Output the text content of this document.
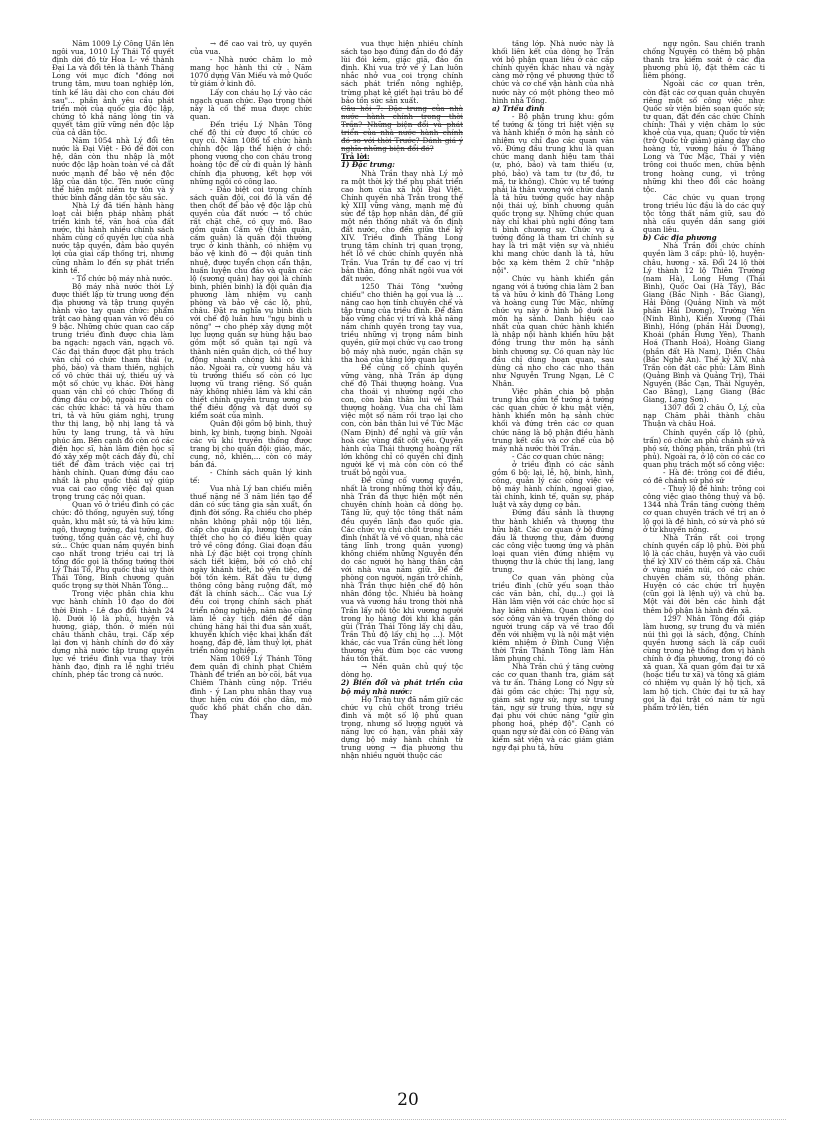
Năm 1009 Lý Công Uẩn lên ngôi vua, 1010 Lý Thái Tổ quyết định dời đô từ Hoa L- về thành Đại La và đổi tên là thành Thăng Long với mục đích "đóng nơi trung tâm, mưu toan nghiệp lớn, tính kế lâu dài cho con cháu đời sau"... phần ảnh yêu cầu phát triển mới của quốc gia độc lập, chứng tỏ khả năng lòng tin và quyết tâm giữ vững nền độc lập của cả dân tộc.

Năm 1054 nhà Lý đổi tên nước là Đại Việt - Đó đề đời con hệ, dân còn thu nhập là một nước độc lập hoàn toàn về cả đất nước mạnh để bảo vệ nền độc lập của dân tộc. Tên nước cũng thể hiện một niềm tự tôn và ý thức bình đẳng dân tộc sâu sắc.

Nhà Lý đã tiến hành hàng loạt cải biện pháp nhằm phát triển kinh tế, văn hoá của đất nước, thi hành nhiều chính sách nhằm củng cố quyền lực của nhà nước tập quyền, đảm bảo quyền lợi của giai cấp thống trị, nhưng cũng nhằm lo đến sự phát triển kinh tế.

- Tổ chức bộ máy nhà nước.

Bộ máy nhà nước thời Lý được thiết lập từ trung ương đến địa phương và tập trung quyền hành vào tay quan chức: phẩm trật cao hàng quan văn võ đều có 9 bậc. Những chức quan cao cấp trung triều đình được chia làm ba ngạch: ngạch văn, ngạch võ. Các đại thần được đặt phụ trách văn chỉ có chức tham thái (ư, phó, bảo) và tham thiền, nghịch cố vô chức thái uý, thiếu uý và một số chức vụ khác. Đời hàng quan văn chỉ có chức Thống đi đứng đầu cơ bộ, ngoài ra còn có các chức khác: tả và hữu tham tri, tả và hữu giám nghị, trung thư thị lang, bộ nhị lang tả và hữu ty lang trung, tả và hữu phúc âm. Bên cạnh đó còn có các điện học sĩ, hàn lâm điện học sĩ đó xây xếp một cách đầy đủ, chỉ tiết để đảm trách việc cai trị hành chính. Quan đứng đầu cao nhất là phụ quốc thái uý giúp vua cai cao cống việc đại quan trọng trung các nội quan.

Quan võ ở triều đình có các chức: đô thống, nguyên suý, tổng quản, khu mật sứ, tả và hữu kim: ngô, thượng tướng, đại tướng, đô tướng, tổng quản các vệ, chỉ huy sứ... Chức quan nắm quyền binh cao nhất trong triều cai trị là tổng đốc gọi là thống tướng thời Lý Thái Tổ, Phụ quốc thái uý thời Thái Tông, Bình chương quân quốc trọng sự thời Nhân Tông...

Trong việc phân chia khu vực hành chính 10 đạo do đời thời Đinh - Lê đạo đổi thành 24 lộ. Dưới lộ là phủ, huyện và hương, giáp, thôn. ở miền núi châu thành châu, trại. Cấp xếp lại đơn vị hành chính dơ đó xây dựng nhà nước tập trung quyền lực về triều đình vua thay trời hành đạo, định ra lễ nghi triều chính, phép tắc trong cả nước.

→ để cao vai trò, uy quyền của vua.

- Nhà nước chăm lo mở mang học hành thi cử . Năm 1070 dựng Văn Miếu và mở Quốc tử giám ở kinh đô.

Lấy con cháu họ Lý vào các ngạch quan chức. Đạo trọng thời này là cố thể mua được chức quan.

Đến triều Lý Nhân Tông chế độ thi cử được tổ chức có quy củ. Năm 1086 tổ chức hành chính độc lập thể hiện ở chỗ: phong vương cho con cháu trong hoàng tộc để cử đi quản lý hành chính địa phương, kết hợp với những ngôi có công lao.

- Đảo biệt coi trọng chính sách quân đội, coi đó là vấn đề then chốt để bảo vệ độc lập chủ quyền của đất nước → tổ chức rất chặt chẽ, có quy mô. Bao gồm quân Cấm vệ (thân quân, cấm quân) là quân đội thường trực ở kinh thành, có nhiệm vụ bảo vệ kinh đô → đội quân tinh nhuệ, được tuyển chọn cẩn thận, huấn luyện chu đáo và quân các lộ (sương quân) hay gọi là chính binh, phiên binh) là đội quân địa phương làm nhiệm vụ canh phòng và bảo vệ các lộ, phủ, châu. Đặt ra nghĩa vụ binh dịch với chế độ luân hưu "ngụ binh ư nông" → cho phép xây dựng một lực lượng quân sự hùng hậu bao gồm một số quân tại ngũ và thành niên quân dịch, có thể huy động nhanh chóng khi có khi nào. Ngoài ra, cử vương hầu và tù trưởng thiểu số còn có lực lượng vũ trang riêng. Số quân này không nhiều lắm và khi cần thiết chính quyền trung ương có thể điều động và đặt dưới sự kiểm soát của mình.

Quân đội gồm bộ binh, thuỷ binh, kỵ binh, tượng binh. Ngoài các vũ khí truyền thống được trang bị cho quân đội: giáo, mác, cung, nỏ, khiên,... còn có máy bắn đá.

- Chính sách quân lý kinh tế:

Vua nhà Lý ban chiếu miễn thuế nặng nề 3 năm liền tạo để dân có sức tăng gia sản xuất, ổn định đời sống. Ra chiếu cho phép nhân không phải nộp tội liên, cấp cho quân ấp, lương thực cần thiết cho họ có điều kiện quay trở về công đồng. Giai đoạn đầu nhà Lý đặc biệt coi trọng chính sách tiết kiệm, bởi có chỗ chí ngày khánh tiết, bỏ yến tiệc, để bởi tốn kém. Rất đầu tư dựng thông công bằng ruộng đất, mở đất là chính sách... Các vua Lý đều coi trọng chính sách phát triển nông nghiệp, năm nào cũng làm lễ cày tịch điền để dân chúng hăng hái thi đua sản xuất, khuyến khích việc khai khẩn đất hoang, đắp đê, làm thuỷ lợi, phát triển nông nghiệp.

Năm 1069 Lý Thánh Tông đem quân đi chinh phạt Chiêm Thành để triển an bờ cõi, bắt vua Chiêm Thành cũng nộp. Triều đình - ý Lan phu nhân thay vua thực hiện cứu đói cho dân, mở quốc khố phát chẩn cho dân. Thay

vua thực hiện nhiều chính sách tạo bạo đúng đắn do đó đầy lùi đói kém, giặc giã, đảo ổn định. Khi vua trở về ý Lan luôn nhắc nhở vua coi trọng chính sách phát triển nông nghiệp, trừng phạt kẻ giết hại trâu bò để bảo tồn sức sản xuất.

Câu hỏi 7: Đặc trưng của nhà nước hành chính trong thời Trần? Những biện đổi và phát triển của nhà nước hành chính đó so với thời Trước? Đánh giá ý nghĩa những biện đổi đó?

Trả lời:

1) Đặc trưng:

Nhà Trần thay nhà Lý mở ra một thời kỳ thế phụ phát triển cao hơn của xã hội Đại Việt. Chính quyền nhà Trần trong thế kỷ XIII vững vàng, mạnh mẽ đủ sức để tập hợp nhân dân, để giữ một nền thống nhất và ổn định đất nước, cho đến giữa thế kỷ XIV. Triều đình Thăng Long trung tâm chính trị quan trọng, hết lỗ về chức chính quyền nhà Trần. Vua Trần tự để cao vị trí bản thân, đồng nhất ngôi vua với đất nước.

1250 Thái Tông "xưởng chiếu" cho thiên hạ gọi vua là ... năng cao hơn tính chuyên chế và tập trung của triều đình. Để đảm bảo vững chắc vị trí và khả năng nắm chính quyền trong tay vua, triều những vị trọng nắm binh quyền, giữ mọi chức vụ cao trong bộ máy nhà nước, ngăn chặn sự tha hoá của tầng lớp quan lại.

Để củng cố chính quyền vững vàng, nhà Trần áp dụng chế độ Thái thượng hoàng. Vua cha thoái vị nhường ngôi cho con, còn bản thân lui về Thái thượng hoàng. Vua cha chỉ làm việc một số năm rồi trao lại cho con, còn bản thân lui về Tức Mặc (Nam Định) để nghỉ và giữ vẫn hoà các vùng đất cốt yếu. Quyền hành của Thái thượng hoàng rất lớn không chỉ có quyền chỉ định người kế vị mà còn còn có thể truất bỏ ngôi vua.

Để củng cố vương quyền, nhất là trong những thời kỳ đầu, nhà Trần đã thực hiện một nền chuyên chính hoàn cả dòng họ. Tăng lữ, quý tộc tông thất nắm đều quyền lãnh đạo quốc gia. Các chức vụ chủ chốt trong triều đình (nhất là về võ quan, nhà các tăng lĩnh trong quân vương) không chiếm những Nguyễn đến do các người họ hàng thân cận với nhà vua nắm giữ. Để để phòng con người, ngăn trở chính, nhà Trần thực hiện chế độ hôn nhân đồng tộc. Nhiều bà hoàng vua và vương hầu trong thời nhà Trần lấy nội tộc khi vương người trong họ hàng đời khi khá gần gũi (Trần Thái Tông lấy chị dâu, Trần Thủ độ lấy chị họ ...). Một khác, các vua Trần cũng hết lòng thương yêu đùm bọc các vương hầu tôn thất.

→ Nền quân chủ quý tộc dòng họ.

2) Biến đổi và phát triển của bộ máy nhà nước:

Họ Trần tuy đã nắm giữ các chức vụ chủ chốt trong triều đình và một số lộ phủ quan trọng, nhưng số lượng người và năng lực có hạn, vẫn phải xây dựng bộ máy hành chính từ trung ương → địa phương thu nhận nhiều người thuộc các

tầng lớp. Nhà nước này là khối liên kết của dòng họ Trần với bộ phận quan liêu ở các cấp chính quyền khác nhau và ngày càng mở rộng về phương thức tổ chức và cơ chế vận hành của nhà nước này có một phòng theo mô hình nhà Tống.

a) Triều đình

- Bộ phận trung khu: gồm tể tướng & tòng tri hiệt viện sự và hành khiển ở môn hạ sảnh có nhiệm vụ chỉ đạo các quan văn võ. Đứng đầu trung khu là quan chức mang danh hiệu tam thái (ư, phó, bảo) và tam thiếu (ư, phó, bảo) và tam tư (tư đồ, tư mã, tư không). Chức vụ tể tướng phải là thân vương với chức danh là tả hữu tướng quốc hay nhập nội thái uý, bình chương quân quốc trọng sự. Những chức quan này chỉ khai phủ nghi đồng tam ti bình chương sự. Chức vụ á tướng đồng là tham tri chính sự hay là tri mật viện sự và nhiều khi mang chức danh là tả, hữu bộc xạ kèm thêm 2 chữ "nhập nội".

Chức vụ hành khiển gần ngang với á tướng chia làm 2 ban tả và hữu ở kinh đô Thăng Long và hoàng cung Tức Mặc, những chức vụ này ở hình bộ dưới là môn hạ sảnh. Danh hiệu cao nhất của quan chức hành khiển là nhập nội hành khiển hữu bật đồng trung thư môn hạ sảnh bình chương sự. Có quan này lúc đầu chỉ dùng hoạn quan, sau dùng cả nho cho các nho thần như Nguyễn Trung Ngạn, Lê C Nhân.

Việc phân chia bộ phận trung khu gồm tể tướng á tướng các quan chức ở khu mật viện, hành khiển môn hạ sảnh chức khối và đứng trên các cơ quan chức năng là bộ phận điều hành trung kết cấu và cơ chế của bộ máy nhà nước thời Trần.

- Các cơ quan chức năng:

ở triều đình có các sảnh gồm 6 bộ: lại, lễ, hộ, binh, hình, công, quản lý các công việc về bộ máy hành chính, ngoại giao, tài chính, kinh tế, quân sự, pháp luật và xây dựng cơ bản.

Đứng đầu sảnh là thượng thư hành khiển và thượng thư hữu bật. Các cơ quan ở bộ đứng đầu là thượng thư, đảm đương các công việc tương ứng và phân loại quan viên đứng nhiệm vụ thượng thư là chức thị lang, lang trung.

Cơ quan văn phòng của triều đình (chữ yếu soạn thảo các văn bản, chỉ, dụ...) gọi là Hàn lâm viện với các chức học sĩ hay kiêm nhiệm. Quan chức coi sóc công văn và truyền thông do người trung cấp và về trao đổi đến với nhiệm vụ là nội mật viện kiêm nhiệm ở Đình Cung Viện thời Trần Thánh Tông làm Hàn lâm phụng chỉ.

Nhà Trần chú ý tăng cường các cơ quan thanh tra, giám sát và tư ấn. Thăng Long có Ngự sử đài gồm các chức: Thị ngự sử, giám sát ngự sử, ngự sử trung tán, ngự sử trung thừa, ngự sử đại phu với chức năng "giữ gìn phong hoá, phép độ". Cạnh có quan ngự sử đài còn có Đăng văn kiểm sát viện và các giám giám ngự đại phu tả, hữu

ngự ngôn. Sau chiến tranh chống Nguyên có thêm bộ phận thanh tra kiểm soát ở các địa phương phủ lộ, đặt thêm các ti liêm phóng.

Ngoài các cơ quan trên, còn đặt các cơ quan quản chuyên riêng một số công việc như: Quốc sử viện biên soạn quốc sử; tư quan, đặt đến các chức Chính chính: Thái y viện chăm lo sức khoẻ của vua, quan; Quốc tử viện (trở Quốc tử giám) giảng dạy cho hoàng tử, vương hầu ở Thăng Long và Tức Mặc, Thái y viện trông coi thuốc men, chữa bệnh trong hoàng cung, vì trông những khi theo đổi các hoàng tộc.

Các chức vụ quan trọng trong triều lúc đầu là do các quý tộc tông thất nắm giữ, sau đó nhà cấu quyền dần sang giới quan liêu.

b) Các địa phương

Nhà Trần đổi chức chính quyền làm 3 cấp: phủ- lộ, huyện- châu, hương - xã. Đổi 24 lộ thời Lý thành 12 lộ Thiên Trường (nam Hà), Long Hưng (Thái Bình), Quốc Oai (Hà Tây), Bắc Giang (Bắc Ninh - Bắc Giang), Hải Đông (Quảng Ninh và một phần Hải Dương), Trường Yên (Ninh Bình), Kiến Xương (Thái Bình), Hồng (phần Hải Dương), Khoái (phần Hưng Yên), Thanh Hoá (Thanh Hoá), Hoàng Giang (phần đất Hà Nam), Diễn Châu (Bắc Nghệ An). Thế kỷ XIV, nhà Trần còn đặt các phủ: Lâm Bình (Quảng Bình và Quảng Trị), Thái Nguyên (Bắc Cạn, Thái Nguyên, Cao Bằng), Lạng Giang (Bắc Giang, Lạng Sơn).

1307 đổi 2 châu Ô, Lý, của nạp Chăm phải thành châu Thuận và châu Hoá.

Chính quyền cấp lộ (phủ, trấn) có chức an phủ chánh sứ và phó sứ, thông phán, trấn phủ (tri phủ). Ngoài ra, ở lộ còn có các cơ quan phụ trách một số công việc:

- Hà đê: trông coi đê điều, có đê chánh sứ phó sứ

- Thuỷ lộ đề hình: trông coi công việc giao thông thuỷ và bộ. 1344 nhà Trần tăng cường thêm cơ quan chuyên trách về trị an ở lộ gọi là đề hình, có sứ và phó sứ ở từ khuyến nông.

Nhà Trần rất coi trọng chính quyền cấp lộ phủ. Đời phủ lộ là các châu, huyện và vào cuối thế kỷ XIV có thêm cấp xã. Châu ở vùng miền núi, có các chức chuyên chăm sứ, thông phán. Huyện có các chức tri huyện (cũn gọi là lệnh uý) và chủ bạ. Một vài đời bên các hình đặt thêm bộ phận là hành đến xã.

1297 Nhân Tông đổi giáp làm hương, sự trung đu và miền núi thì gọi là sách, động. Chính quyền hương sách là cấp cuối cùng trong hệ thống đơn vị hành chính ở địa phương, trong đó có xã quan. Xã quan gồm đại tư xã (hoặc tiểu tư xã) và tông xã giám có nhiệm vụ quản lý hộ tịch, xã lam hộ tịch. Chức đại tư xã hay gọi là đại trật có năm từ ngũ phẩm trở lên, tiền

20
